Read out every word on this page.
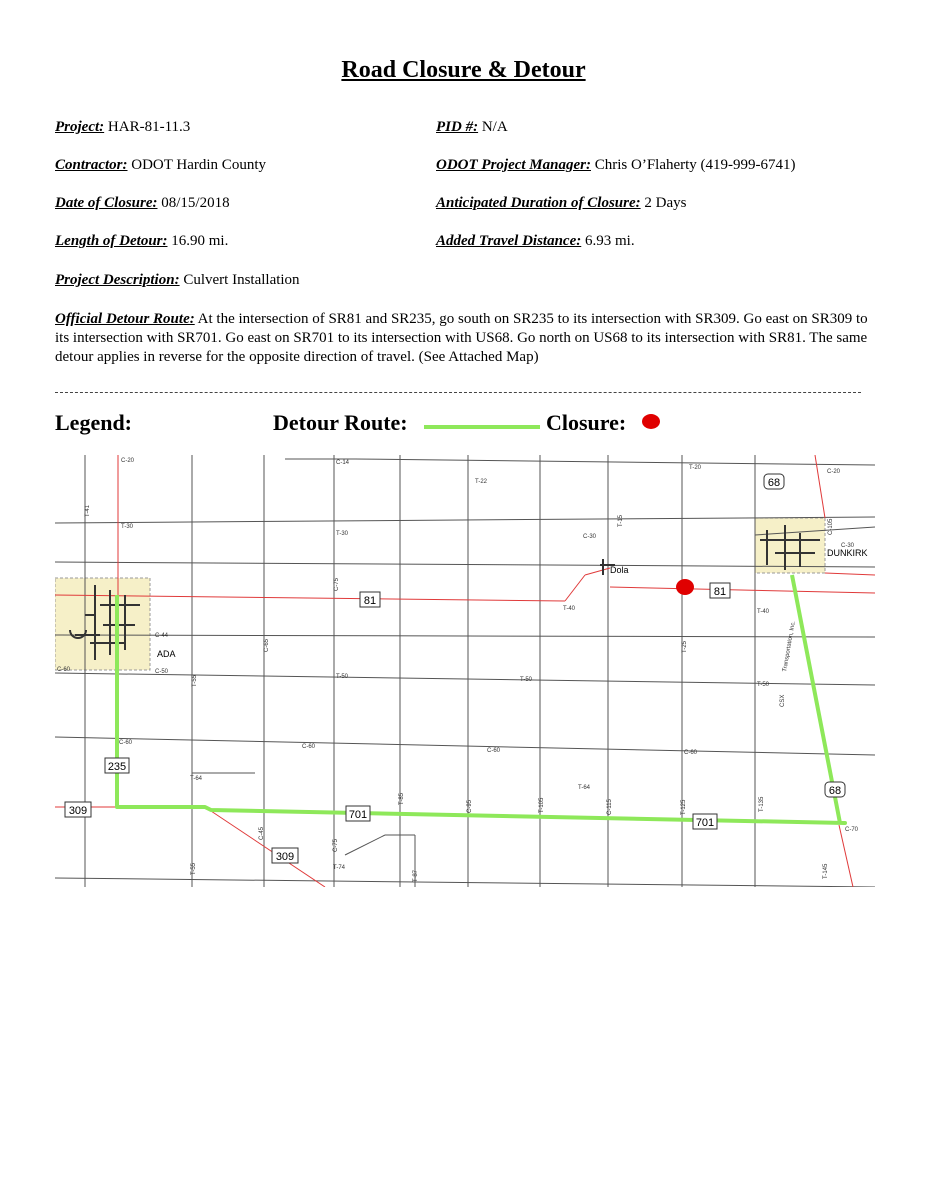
Road Closure & Detour
Project: HAR-81-11.3	PID #: N/A
Contractor: ODOT Hardin County	ODOT Project Manager: Chris O’Flaherty (419-999-6741)
Date of Closure: 08/15/2018	Anticipated Duration of Closure: 2 Days
Length of Detour: 16.90 mi.	Added Travel Distance: 6.93 mi.
Project Description: Culvert Installation
Official Detour Route: At the intersection of SR81 and SR235, go south on SR235 to its intersection with SR309. Go east on SR309 to its intersection with SR701. Go east on SR701 to its intersection with US68. Go north on US68 to its intersection with SR81. The same detour applies in reverse for the opposite direction of travel. (See Attached Map)
Legend:	Detour Route:	Closure:
81
81
235
309
309
701
701
68
68
ADA
Dola
DUNKIRK
C-20	C-14
T-22
T-20
C-20
T-41
T-30
T-30	C-30
T-15
C-30
C-75
C-44
C-65
C-60	C-50
T-55	T-50	T-50
T-40
T-25
T-40
T-50
C-60
C-60
C-60	C-60
T-64
T-64
T-85
C-95	T-105	C-115	T-125	T-135
C-70
C-45
C-75
T-74
T-87
T-55	T-145
CSX
C-105
Transportation, Inc.
